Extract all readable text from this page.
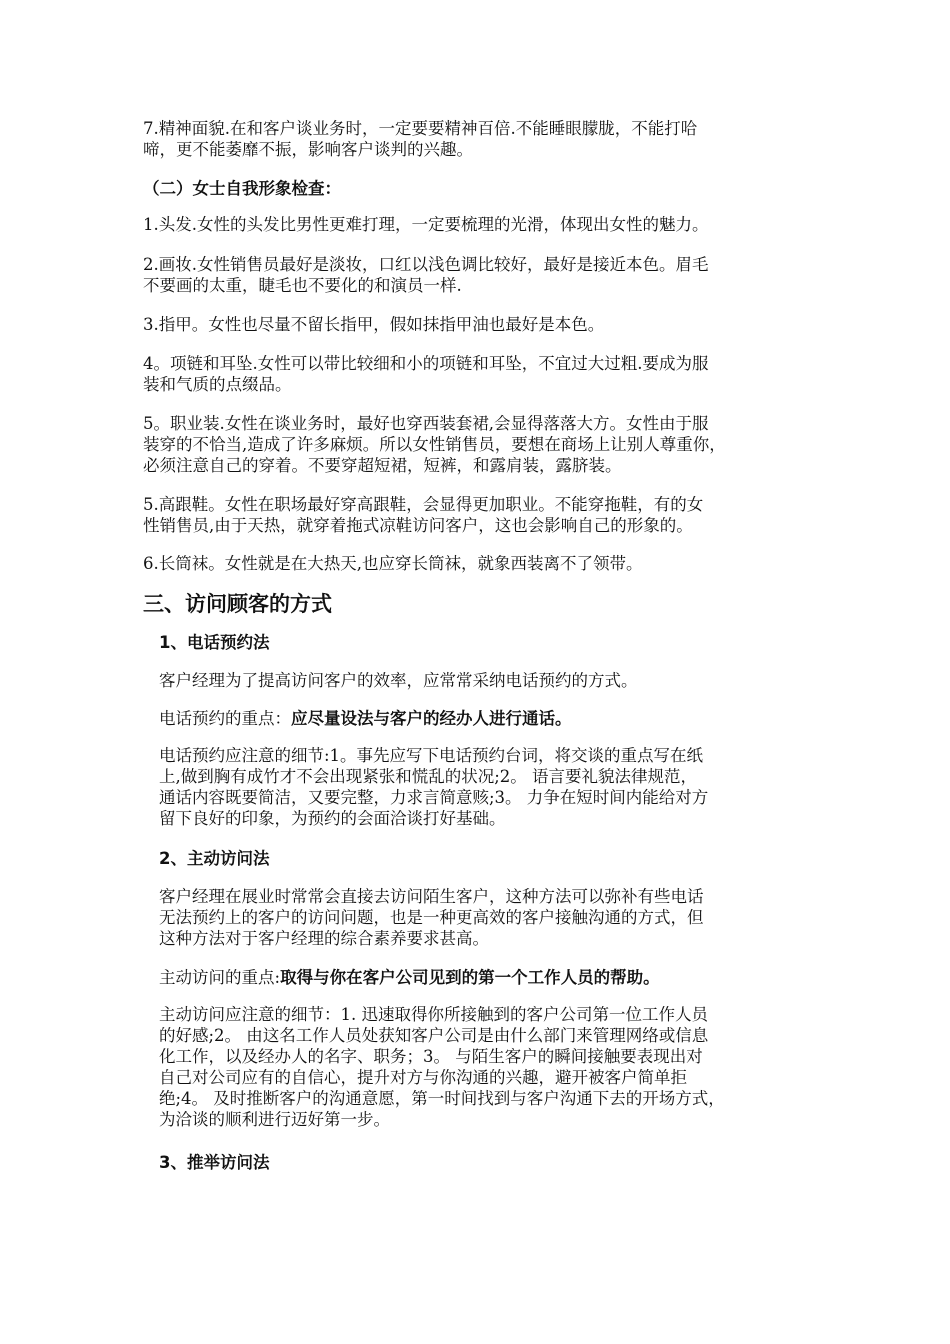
7.精神面貌.在和客户谈业务时，一定要要精神百倍.不能睡眼朦胧，不能打哈
啼，更不能萎靡不振，影响客户谈判的兴趣。
（二）女士自我形象检查：
1.头发.女性的头发比男性更难打理，一定要梳理的光滑，体现出女性的魅力。
2.画妆.女性销售员最好是淡妆，口红以浅色调比较好，最好是接近本色。眉毛
不要画的太重，睫毛也不要化的和演员一样.
3.指甲。女性也尽量不留长指甲，假如抹指甲油也最好是本色。
4。项链和耳坠.女性可以带比较细和小的项链和耳坠，不宜过大过粗.要成为服
装和气质的点缀品。
5。职业装.女性在谈业务时，最好也穿西装套裙,会显得落落大方。女性由于服
装穿的不恰当,造成了许多麻烦。所以女性销售员，要想在商场上让别人尊重你，
必须注意自己的穿着。不要穿超短裙，短裤，和露肩装，露脐装。
5.高跟鞋。女性在职场最好穿高跟鞋，会显得更加职业。不能穿拖鞋，有的女
性销售员,由于天热，就穿着拖式凉鞋访问客户，这也会影响自己的形象的。
6.长筒袜。女性就是在大热天,也应穿长筒袜，就象西装离不了领带。
三、访问顾客的方式
1、电话预约法
客户经理为了提高访问客户的效率，应常常采纳电话预约的方式。
电话预约的重点：应尽量设法与客户的经办人进行通话。
电话预约应注意的细节:1。事先应写下电话预约台词，将交谈的重点写在纸
上,做到胸有成竹才不会出现紧张和慌乱的状况;2。 语言要礼貌法律规范，
通话内容既要简洁，又要完整，力求言简意赅;3。 力争在短时间内能给对方
留下良好的印象，为预约的会面洽谈打好基础。
2、主动访问法
客户经理在展业时常常会直接去访问陌生客户，这种方法可以弥补有些电话
无法预约上的客户的访问问题，也是一种更高效的客户接触沟通的方式，但
这种方法对于客户经理的综合素养要求甚高。
主动访问的重点:取得与你在客户公司见到的第一个工作人员的帮助。
主动访问应注意的细节：1. 迅速取得你所接触到的客户公司第一位工作人员
的好感;2。 由这名工作人员处获知客户公司是由什么部门来管理网络或信息
化工作，以及经办人的名字、职务；3。 与陌生客户的瞬间接触要表现出对
自己对公司应有的自信心，提升对方与你沟通的兴趣，避开被客户简单拒
绝;4。 及时推断客户的沟通意愿，第一时间找到与客户沟通下去的开场方式，
为洽谈的顺利进行迈好第一步。
3、推举访问法
